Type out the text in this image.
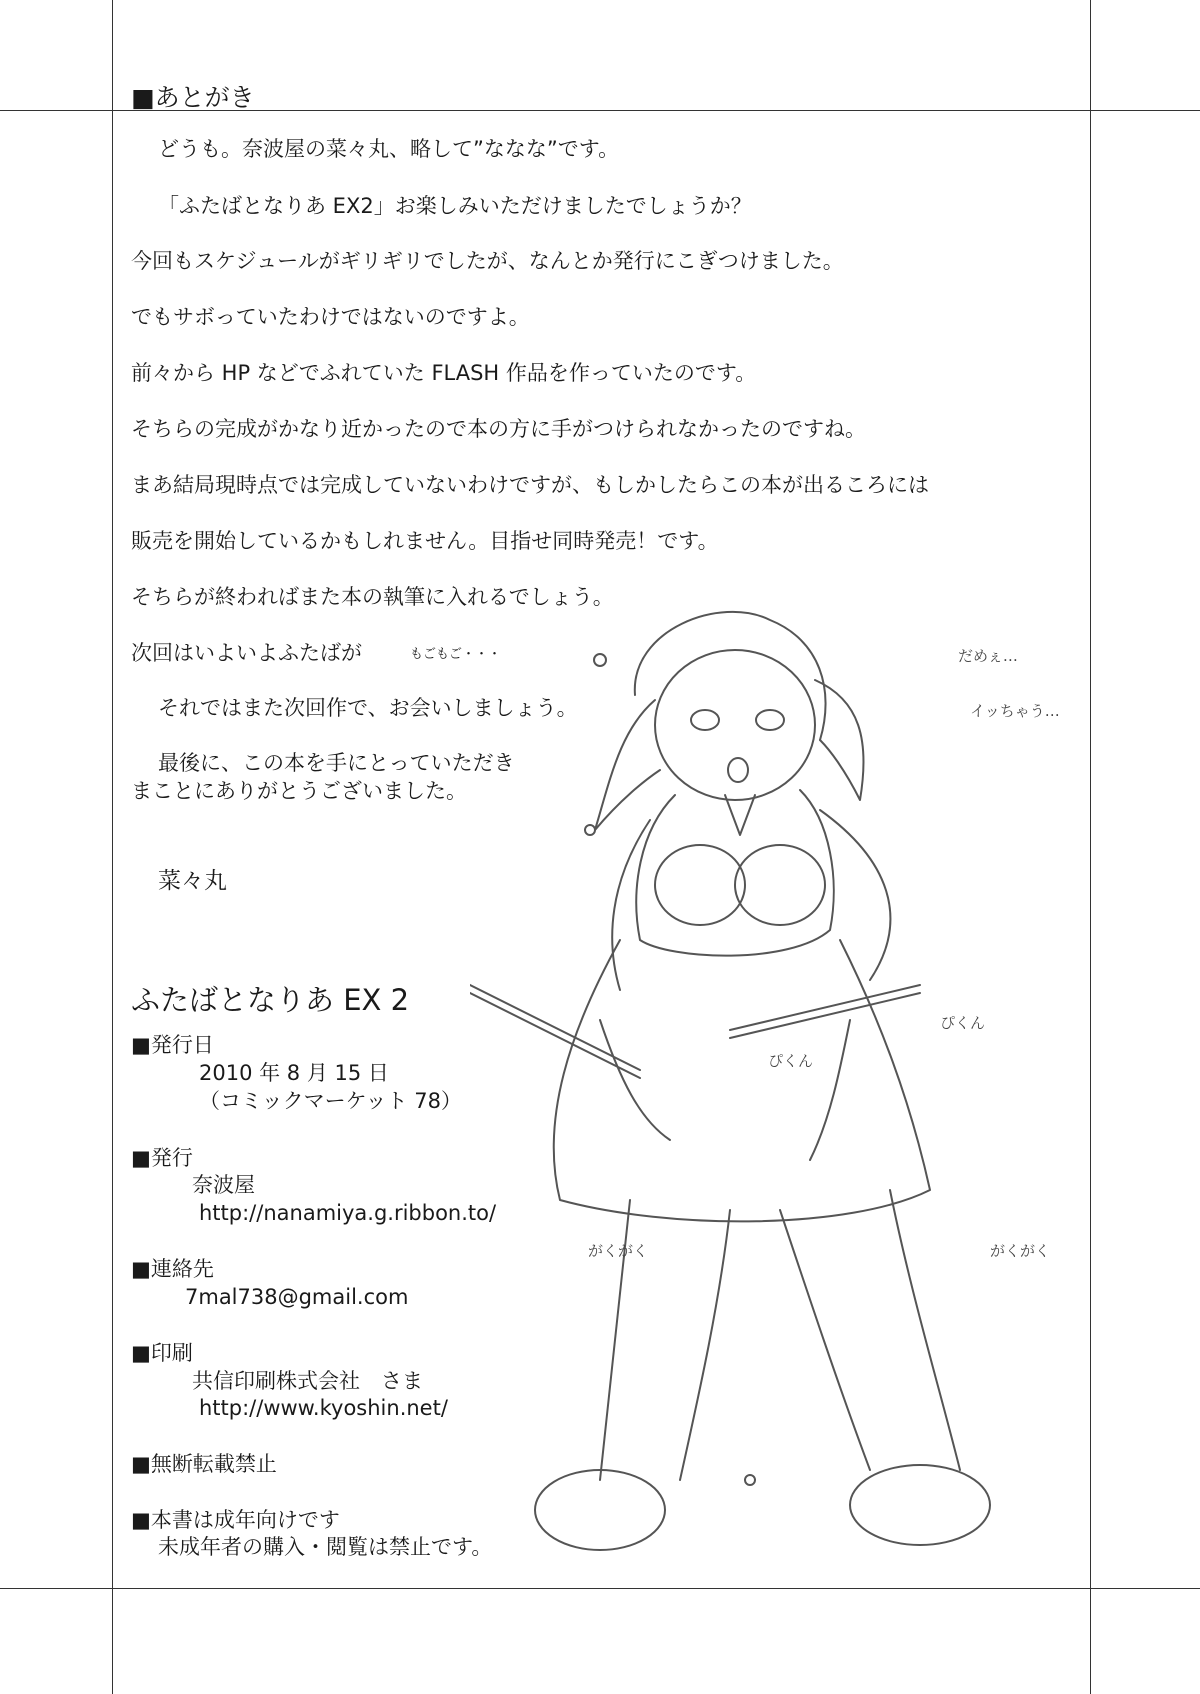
■あとがき
どうも。奈波屋の菜々丸、略して”ななな”です。
「ふたばとなりあ EX2」お楽しみいただけましたでしょうか？
今回もスケジュールがギリギリでしたが、なんとか発行にこぎつけました。
でもサボっていたわけではないのですよ。
前々から HP などでふれていた FLASH 作品を作っていたのです。
そちらの完成がかなり近かったので本の方に手がつけられなかったのですね。
まあ結局現時点では完成していないわけですが、もしかしたらこの本が出るころには
販売を開始しているかもしれません。目指せ同時発売！です。
そちらが終わればまた本の執筆に入れるでしょう。
次回はいよいよふたばが	もごもご・・・
それではまた次回作で、お会いしましょう。
最後に、この本を手にとっていただき
まことにありがとうございました。
菜々丸
ふたばとなりあ EX 2
■発行日
2010 年 8 月 15 日
（コミックマーケット 78）
■発行
奈波屋
http://nanamiya.g.ribbon.to/
■連絡先
7mal738@gmail.com
■印刷
共信印刷株式会社　さま
http://www.kyoshin.net/
■無断転載禁止
■本書は成年向けです
未成年者の購入・閲覧は禁止です。
だめぇ…
イッちゃう…
ぴくん
ぴくん
がくがく	がくがく
